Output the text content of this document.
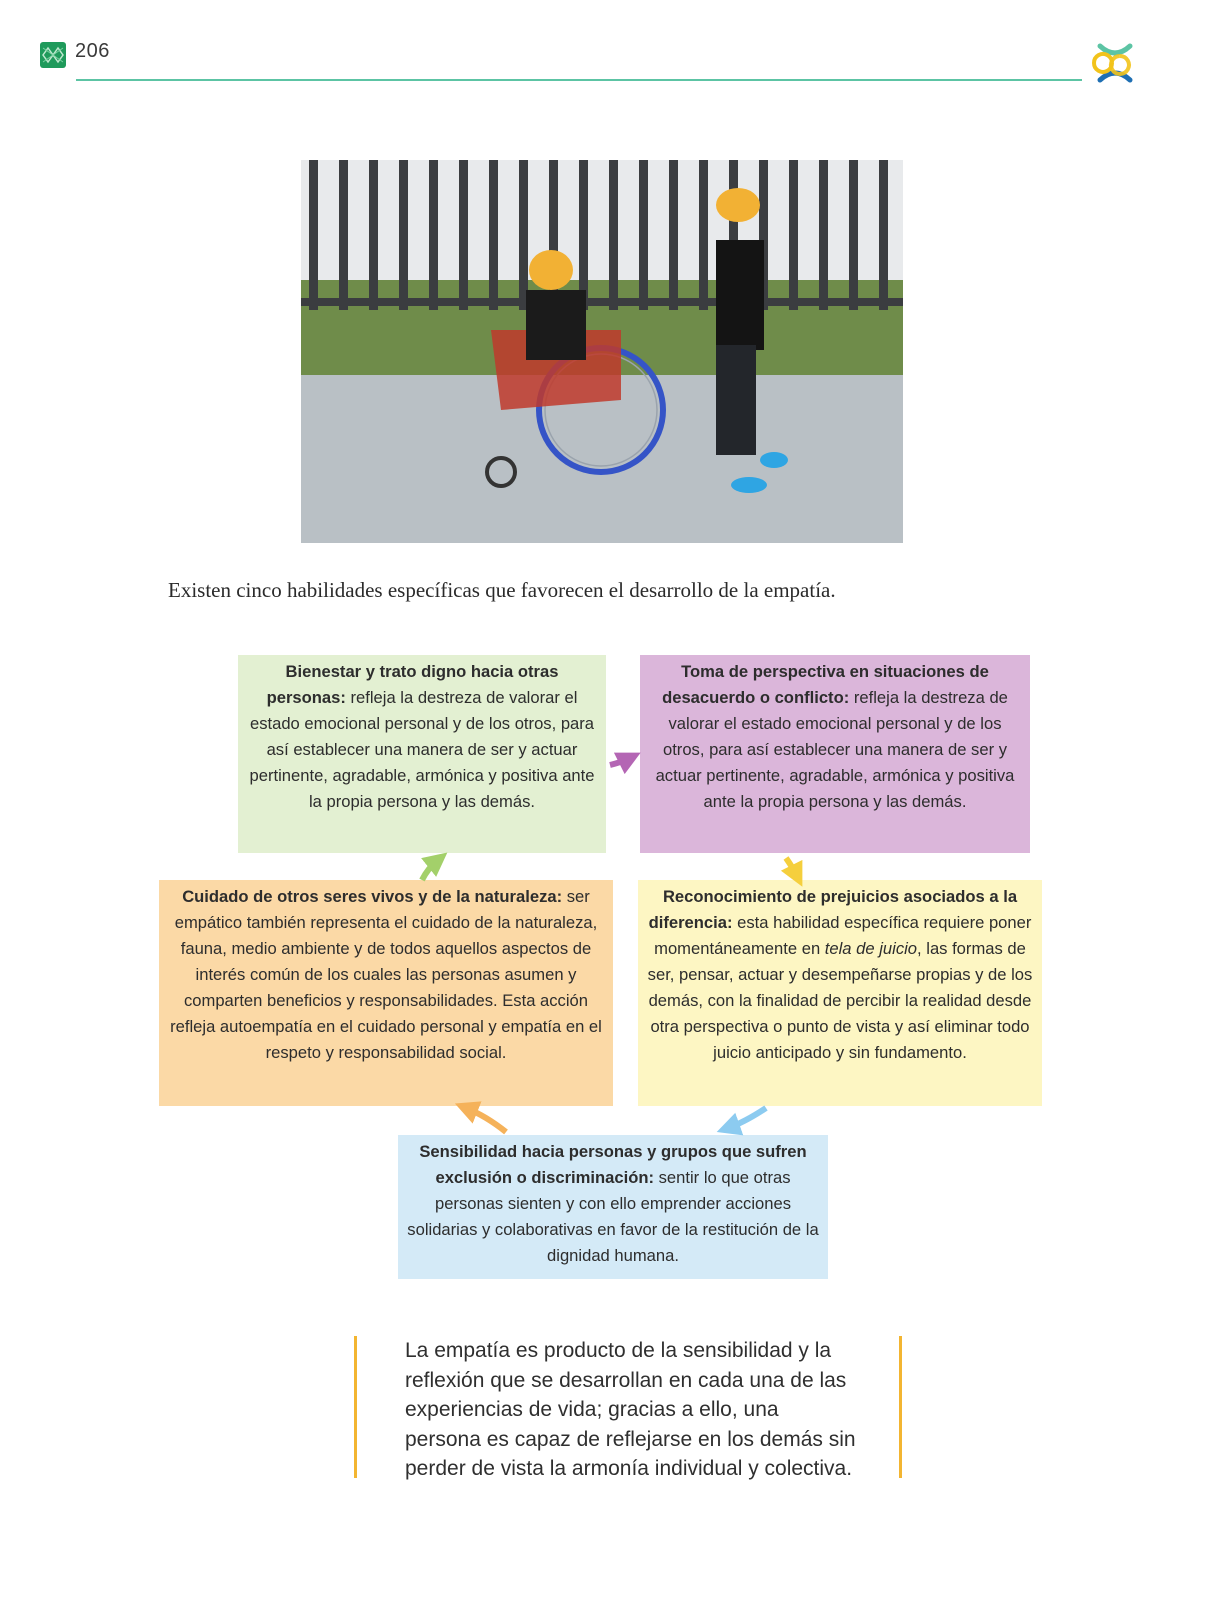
206
Existen cinco habilidades específicas que favorecen el desarrollo de la empatía.
Bienestar y trato digno hacia otras personas: refleja la destreza de valorar el estado emocional personal y de los otros, para así establecer una manera de ser y actuar pertinente, agradable, armónica y positiva ante la propia persona y las demás.
Toma de perspectiva en situaciones de desacuerdo o conflicto: refleja la destreza de valorar el estado emocional personal y de los otros, para así establecer una manera de ser y actuar pertinente, agradable, armónica y positiva ante la propia persona y las demás.
Cuidado de otros seres vivos y de la naturaleza: ser empático también representa el cuidado de la naturaleza, fauna, medio ambiente y de todos aquellos aspectos de interés común de los cuales las personas asumen y comparten beneficios y responsabilidades. Esta acción refleja autoempatía en el cuidado personal y empatía en el respeto y responsabilidad social.
Reconocimiento de prejuicios asociados a la diferencia: esta habilidad específica requiere poner momentáneamente en tela de juicio, las formas de ser, pensar, actuar y desempeñarse propias y de los demás, con la finalidad de percibir la realidad desde otra perspectiva o punto de vista y así eliminar todo juicio anticipado y sin fundamento.
Sensibilidad hacia personas y grupos que sufren exclusión o discriminación: sentir lo que otras personas sienten y con ello emprender acciones solidarias y colaborativas en favor de la restitución de la dignidad humana.
La empatía es producto de la sensibilidad y la reflexión que se desarrollan en cada una de las experiencias de vida; gracias a ello, una persona es capaz de reflejarse en los demás sin perder de vista la armonía individual y colectiva.
